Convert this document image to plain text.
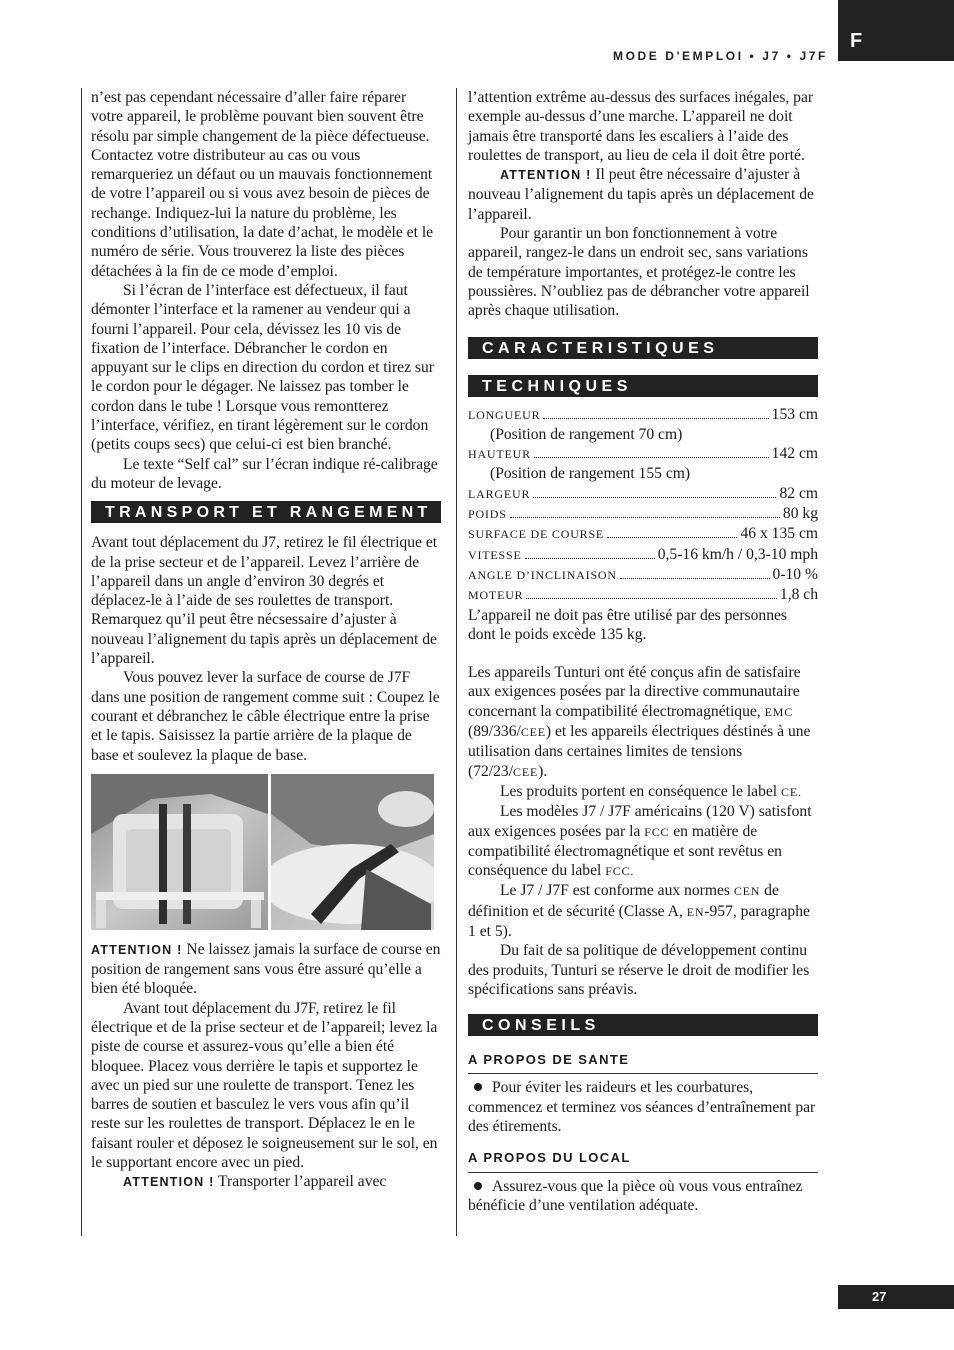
F
MODE D'EMPLOI • J7 • J7F

n’est pas cependant nécessaire d’aller faire réparer votre appareil, le problème pouvant bien souvent être résolu par simple changement de la pièce défectueuse. Contactez votre distributeur au cas ou vous remarqueriez un défaut ou un mauvais fonctionnement de votre l’appareil ou si vous avez besoin de pièces de rechange. Indiquez-lui la nature du problème, les conditions d’utilisation, la date d’achat, le modèle et le numéro de série. Vous trouverez la liste des pièces détachées à la fin de ce mode d’emploi.

Si l’écran de l’interface est défectueux, il faut démonter l’interface et la ramener au vendeur qui a fourni l’appareil. Pour cela, dévissez les 10 vis de fixation de l’interface. Débrancher le cordon en appuyant sur le clips en direction du cordon et tirez sur le cordon pour le dégager. Ne laissez pas tomber le cordon dans le tube ! Lorsque vous remontterez l’interface, vérifiez, en tirant légèrement sur le cordon (petits coups secs) que celui-ci est bien branché.

Le texte “Self cal” sur l’écran indique ré-calibrage du moteur de levage.

TRANSPORT ET RANGEMENT

Avant tout déplacement du J7, retirez le fil électrique et de la prise secteur et de l’appareil. Levez l’arrière de l’appareil dans un angle d’environ 30 degrés et déplacez-le à l’aide de ses roulettes de transport. Remarquez qu’il peut être nécsessaire d’ajuster à nouveau l’alignement du tapis après un déplacement de l’appareil.

Vous pouvez lever la surface de course de J7F dans une position de rangement comme suit : Coupez le courant et débranchez le câble électrique entre la prise et le tapis. Saisissez la partie arrière de la plaque de base et soulevez la plaque de base.

ATTENTION ! Ne laissez jamais la surface de course en position de rangement sans vous être assuré qu’elle a bien été bloquée.

Avant tout déplacement du J7F, retirez le fil électrique et de la prise secteur et de l’appareil; levez la piste de course et assurez-vous qu’elle a bien été bloquee. Placez vous derrière le tapis et supportez le avec un pied sur une roulette de transport. Tenez les barres de soutien et basculez le vers vous afin qu’il reste sur les roulettes de transport. Déplacez le en le faisant rouler et déposez le soigneusement sur le sol, en le supportant encore avec un pied.

ATTENTION ! Transporter l’appareil avec

l’attention extrême au-dessus des surfaces inégales, par exemple au-dessus d’une marche. L’appareil ne doit jamais être transporté dans les escaliers à l’aide des roulettes de transport, au lieu de cela il doit être porté.

ATTENTION ! Il peut être nécessaire d’ajuster à nouveau l’alignement du tapis après un déplacement de l’appareil.

Pour garantir un bon fonctionnement à votre appareil, rangez-le dans un endroit sec, sans variations de température importantes, et protégez-le contre les poussières. N’oubliez pas de débrancher votre appareil après chaque utilisation.

CARACTERISTIQUES
TECHNIQUES
LONGUEUR	153 cm
(Position de rangement 70 cm)
HAUTEUR	142 cm
(Position de rangement 155 cm)
LARGEUR	82 cm
POIDS	80 kg
SURFACE DE COURSE	46 x 135 cm
VITESSE	0,5-16 km/h / 0,3-10 mph
ANGLE D’INCLINAISON	0-10 %
MOTEUR	1,8 ch

L’appareil ne doit pas être utilisé par des personnes dont le poids excède 135 kg.

Les appareils Tunturi ont été conçus afin de satisfaire aux exigences posées par la directive communautaire concernant la compatibilité électromagnétique, EMC (89/336/CEE) et les appareils électriques déstinés à une utilisation dans certaines limites de tensions (72/23/CEE).

Les produits portent en conséquence le label CE.

Les modèles J7 / J7F américains (120 V) satisfont aux exigences posées par la FCC en matière de compatibilité électromagnétique et sont revêtus en conséquence du label FCC.

Le J7 / J7F est conforme aux normes CEN de définition et de sécurité (Classe A, EN-957, paragraphe 1 et 5).

Du fait de sa politique de développement continu des produits, Tunturi se réserve le droit de modifier les spécifications sans préavis.

CONSEILS
A PROPOS DE SANTE

Pour éviter les raideurs et les courbatures, commencez et terminez vos séances d’entraînement par des étirements.

A PROPOS DU LOCAL

Assurez-vous que la pièce où vous vous entraînez bénéficie d’une ventilation adéquate.

27
